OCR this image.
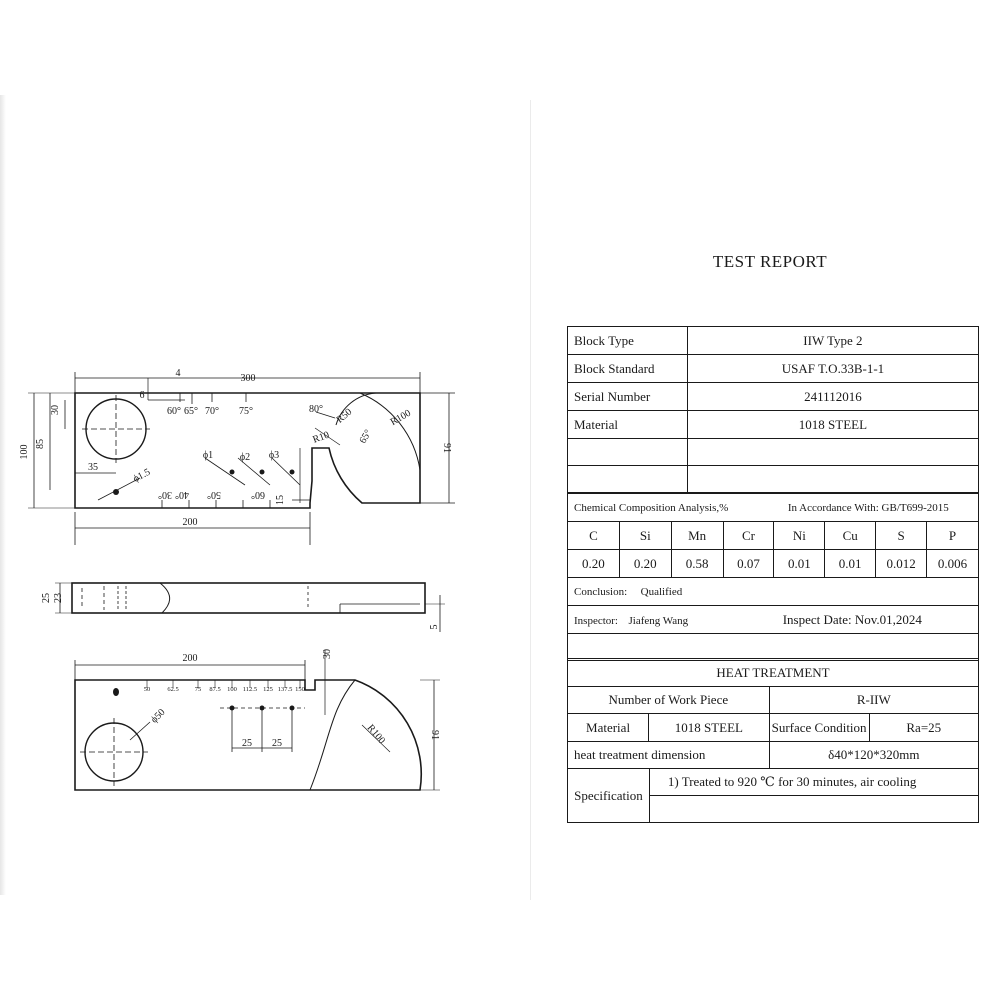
300
4
6
30
85
100
35	ϕ1.5
200
91
15
60° 65° 70° 75°	80° R50	R100
R10	65°
ϕ1	ϕ2 ϕ3
30° 40° 50°	60°
25 23
5
200	30
91
25 25
ϕ50
R100
50	62.5 75 87.5 100 112.5 125 137.5 150
TEST REPORT
Block Type	IIW Type 2
Block Standard	USAF T.O.33B-1-1
Serial Number	241112016
Material	1018 STEEL

Chemical Composition Analysis,% In Accordance With: GB/T699-2015							
C	Si	Mn	Cr	Ni	Cu	S	P
0.20	0.20	0.58	0.07	0.01	0.01	0.012	0.006
Conclusion: Qualified							
Inspector: Jiafeng Wang Inspect Date: Nov.01,2024							

HEAT TREATMENT			
Number of Work Piece		R-IIW	
Material	1018 STEEL	Surface Condition	Ra=25
heat treatment dimension		δ40*120*320mm	
Specification	1) Treated to 920 ℃ for 30 minutes, air cooling
